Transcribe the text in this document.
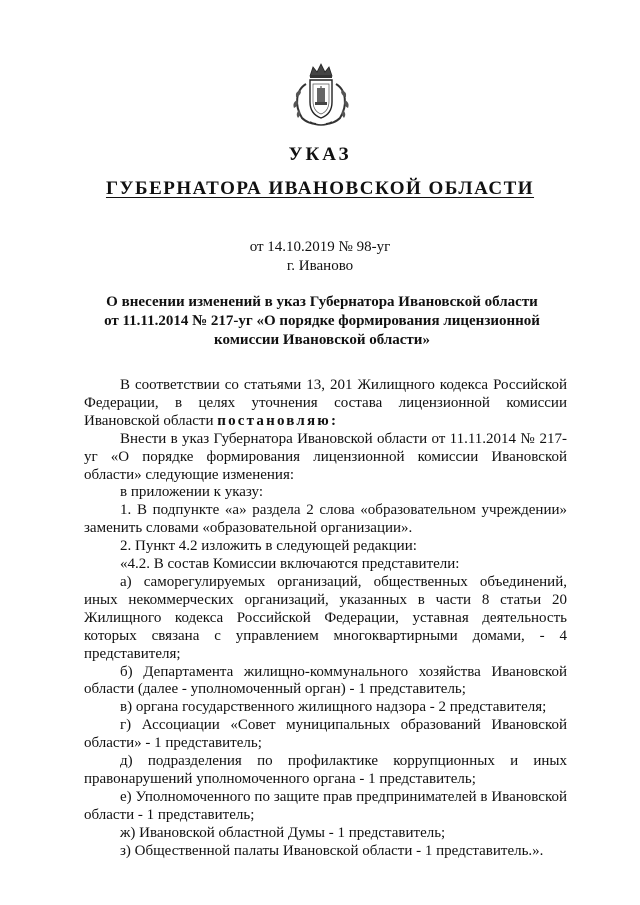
УКАЗ
ГУБЕРНАТОРА ИВАНОВСКОЙ ОБЛАСТИ
от 14.10.2019 № 98-уг
г. Иваново
О внесении изменений в указ Губернатора Ивановской области
от 11.11.2014 № 217-уг «О порядке формирования лицензионной
комиссии Ивановской области»

В соответствии со статьями 13, 201 Жилищного кодекса Российской Федерации, в целях уточнения состава лицензионной комиссии Ивановской области постановляю:

Внести в указ Губернатора Ивановской области от 11.11.2014 № 217-уг «О порядке формирования лицензионной комиссии Ивановской области» следующие изменения:

в приложении к указу:

1. В подпункте «а» раздела 2 слова «образовательном учреждении» заменить словами «образовательной организации».

2. Пункт 4.2 изложить в следующей редакции:

«4.2. В состав Комиссии включаются представители:

а) саморегулируемых организаций, общественных объединений, иных некоммерческих организаций, указанных в части 8 статьи 20 Жилищного кодекса Российской Федерации, уставная деятельность которых связана с управлением многоквартирными домами, - 4 представителя;

б) Департамента жилищно-коммунального хозяйства Ивановской области (далее - уполномоченный орган) - 1 представитель;

в) органа государственного жилищного надзора - 2 представителя;

г) Ассоциации «Совет муниципальных образований Ивановской области» - 1 представитель;

д) подразделения по профилактике коррупционных и иных правонарушений уполномоченного органа - 1 представитель;

е) Уполномоченного по защите прав предпринимателей в Ивановской области - 1 представитель;

ж) Ивановской областной Думы - 1 представитель;

з) Общественной палаты Ивановской области - 1 представитель.».
